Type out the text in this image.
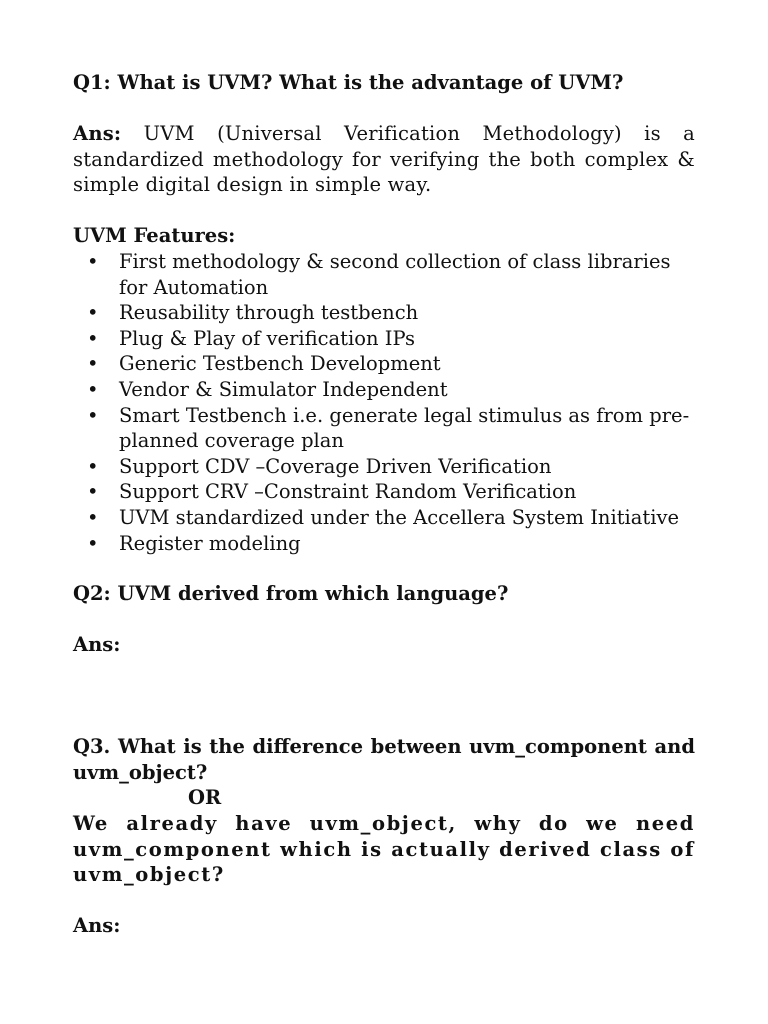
Q1: What is UVM? What is the advantage of UVM?

Ans: UVM (Universal Verification Methodology) is a standardized methodology for verifying the both complex & simple digital design in simple way.

UVM Features:

• First methodology & second collection of class libraries for Automation
• Reusability through testbench
• Plug & Play of verification IPs
• Generic Testbench Development
• Vendor & Simulator Independent
• Smart Testbench i.e. generate legal stimulus as from pre-planned coverage plan
• Support CDV –Coverage Driven Verification
• Support CRV –Constraint Random Verification
• UVM standardized under the Accellera System Initiative
• Register modeling

Q2: UVM derived from which language?

Ans:

Q3. What is the difference between uvm_component and uvm_object?

OR

We already have uvm_object, why do we need uvm_component which is actually derived class of uvm_object?

Ans:
